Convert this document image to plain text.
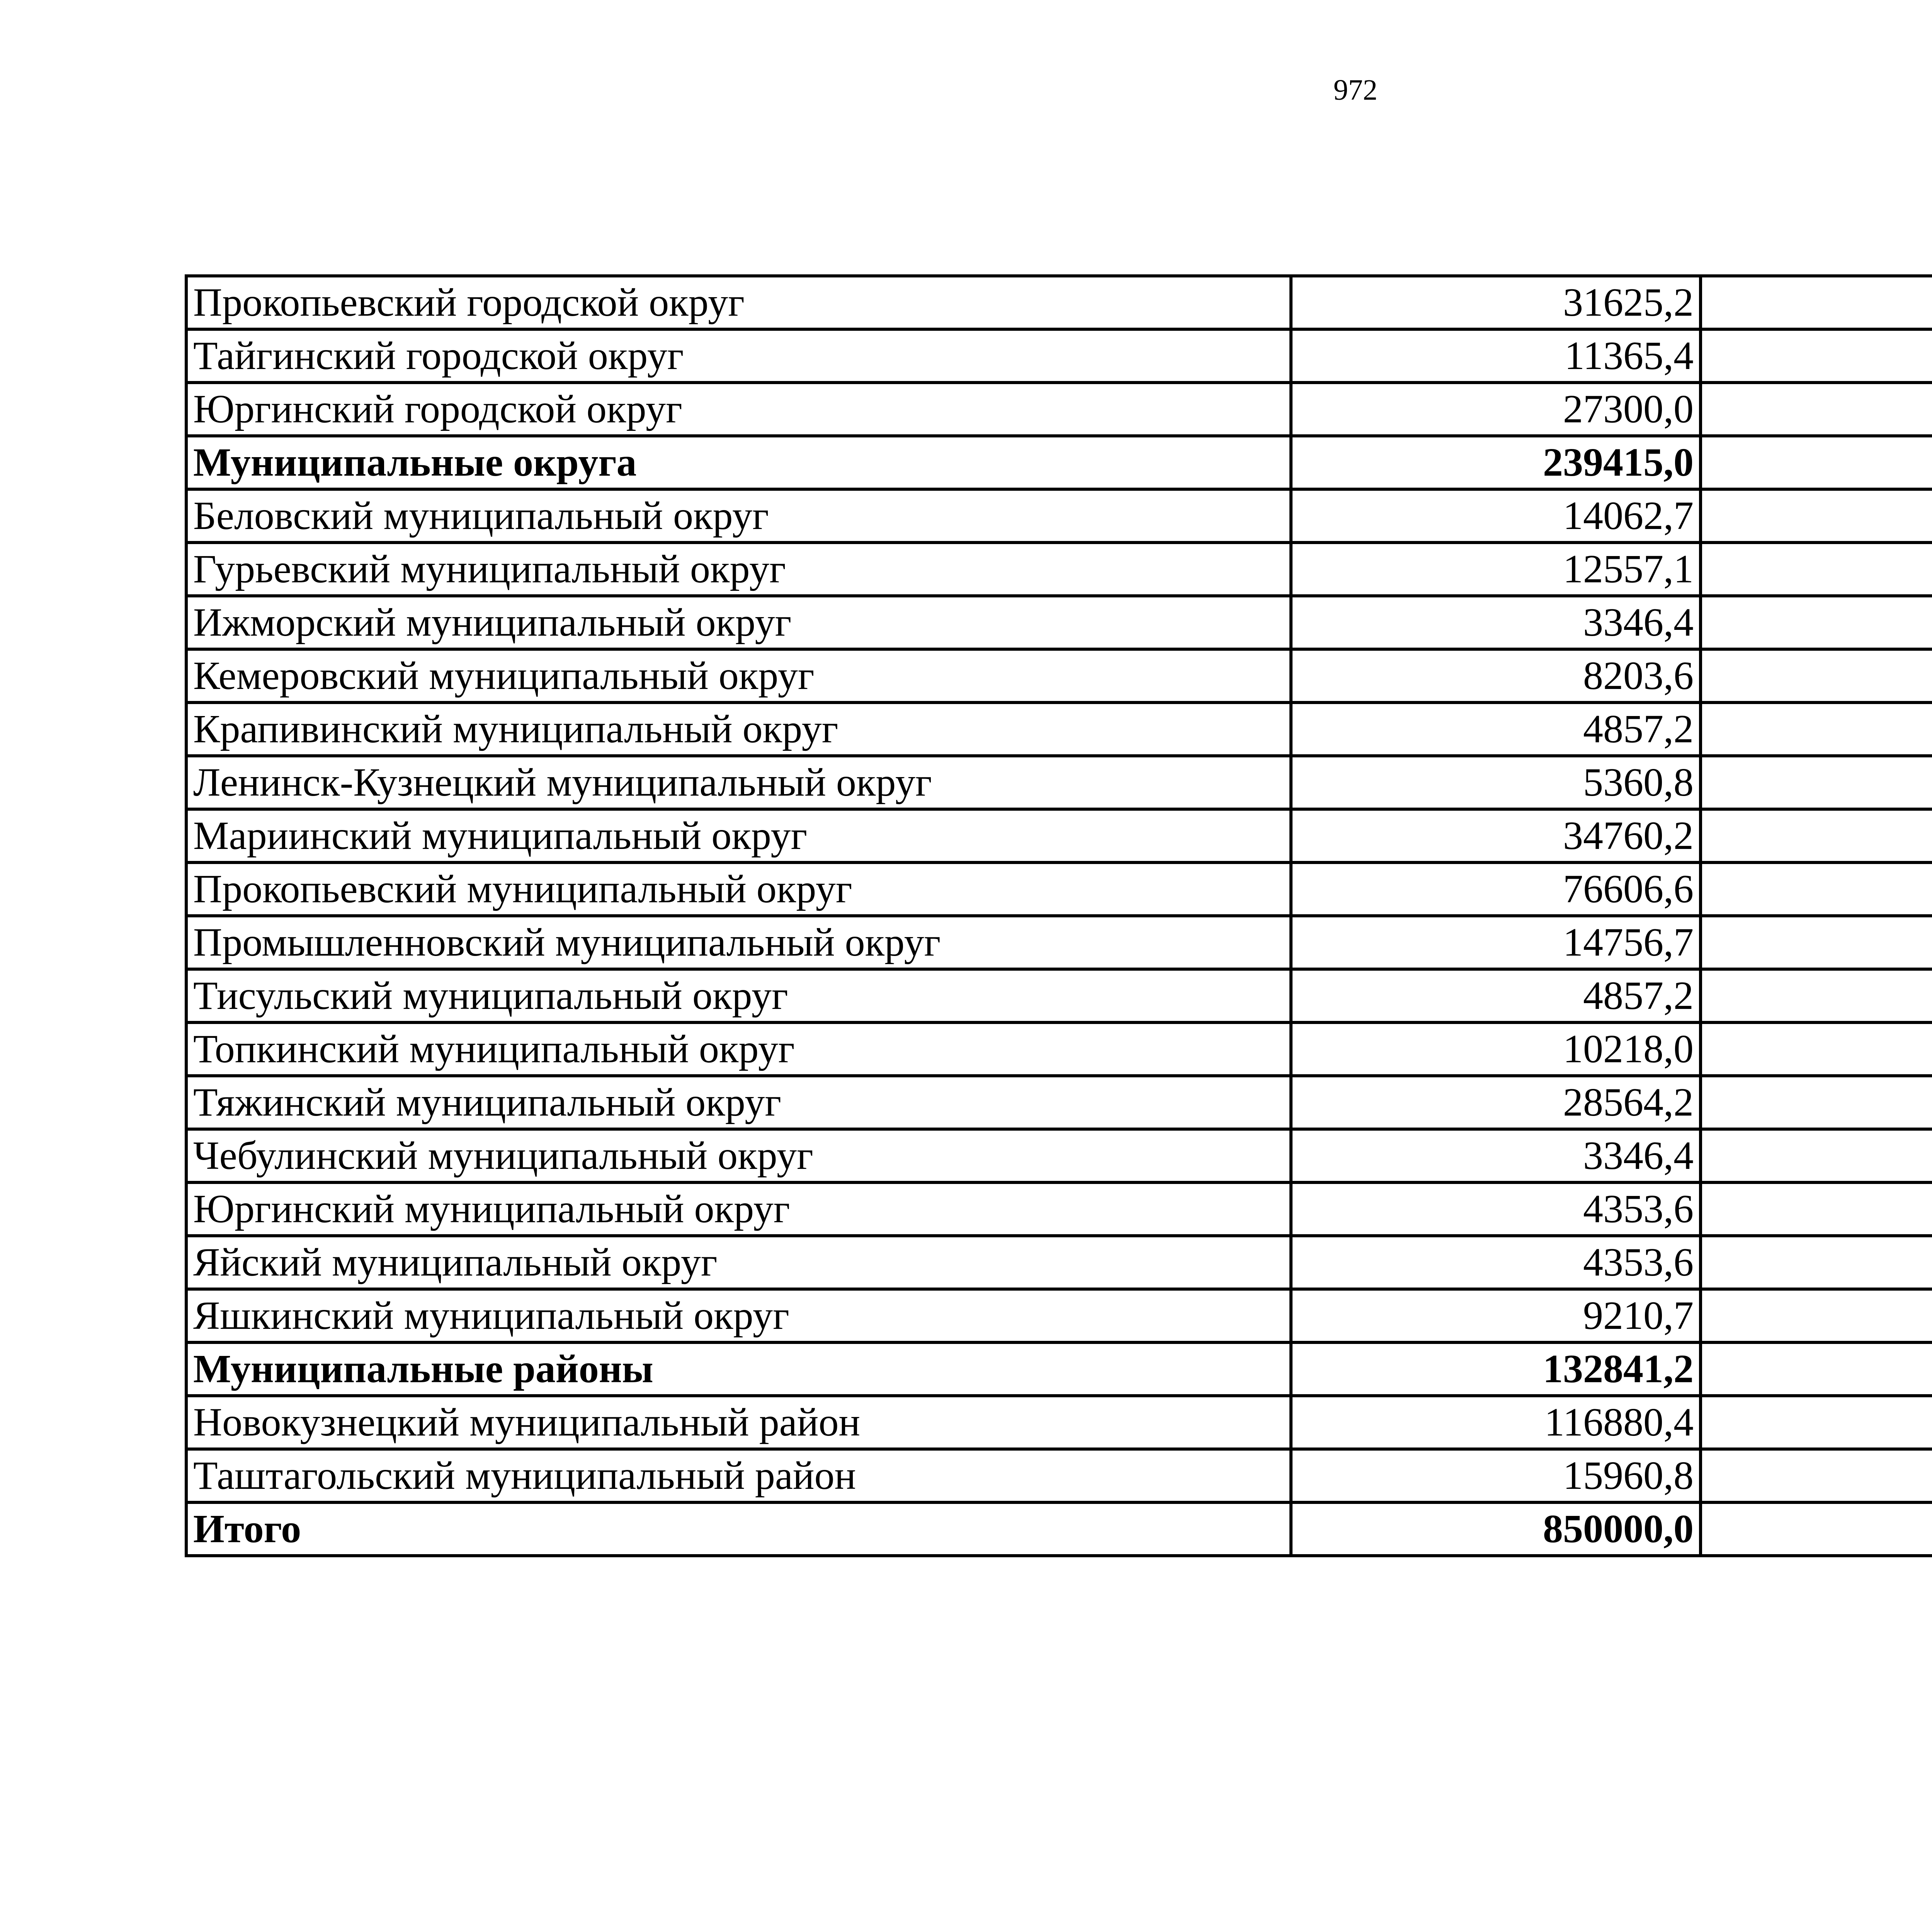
972
Прокопьевский городской округ	31625,2		
Тайгинский городской округ	11365,4		
Юргинский городской округ	27300,0		
Муниципальные округа	239415,0		
Беловский муниципальный округ	14062,7		
Гурьевский муниципальный округ	12557,1		
Ижморский муниципальный округ	3346,4		
Кемеровский муниципальный округ	8203,6		
Крапивинский муниципальный округ	4857,2		
Ленинск-Кузнецкий муниципальный округ	5360,8		
Мариинский муниципальный округ	34760,2		
Прокопьевский муниципальный округ	76606,6		
Промышленновский муниципальный округ	14756,7		
Тисульский муниципальный округ	4857,2		
Топкинский муниципальный округ	10218,0		
Тяжинский муниципальный округ	28564,2		
Чебулинский муниципальный округ	3346,4		
Юргинский муниципальный округ	4353,6		
Яйский муниципальный округ	4353,6		
Яшкинский муниципальный округ	9210,7		
Муниципальные районы	132841,2		
Новокузнецкий муниципальный район	116880,4		
Таштагольский муниципальный район	15960,8		
Итого	850000,0		
